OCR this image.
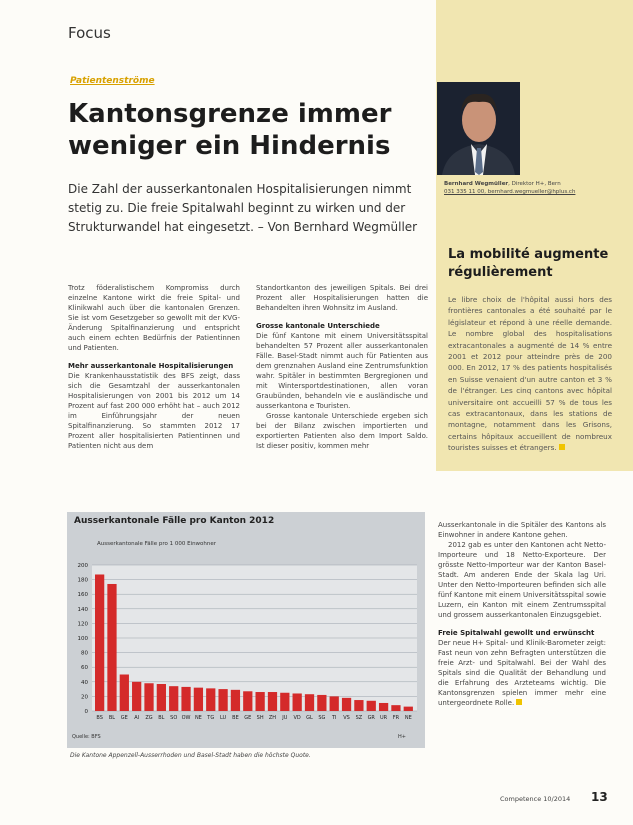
Focus
Patientenströme
Kantonsgrenze immer weniger ein Hindernis
Die Zahl der ausserkantonalen Hospitalisierungen nimmt stetig zu. Die freie Spitalwahl beginnt zu wirken und der Strukturwandel hat eingesetzt. – Von Bernhard Wegmüller
Bernhard Wegmüller, Direktor H+, Bern
031 335 11 00, bernhard.wegmueller@hplus.ch
La mobilité augmente régulièrement
Le libre choix de l'hôpital aussi hors des frontières cantonales a été souhaité par le législateur et répond à une réelle demande. Le nombre global des hospitalisations extracantonales a augmenté de 14 % entre 2001 et 2012 pour atteindre près de 200 000. En 2012, 17 % des patients hospitalisés en Suisse venaient d'un autre canton et 3 % de l'étranger. Les cinq cantons avec hôpital universitaire ont accueilli 57 % de tous les cas extracantonaux, dans les stations de montagne, notamment dans les Grisons, certains hôpitaux accueillent de nombreux touristes suisses et étrangers.

Trotz föderalistischem Kompromiss durch einzelne Kantone wirkt die freie Spital- und Klinikwahl auch über die kantonalen Grenzen. Sie ist vom Gesetzgeber so gewollt mit der KVG-Änderung Spitalfinanzierung und entspricht auch einem echten Bedürfnis der Patientinnen und Patienten.

Mehr ausserkantonale Hospitalisierungen

Die Krankenhausstatistik des BFS zeigt, dass sich die Gesamtzahl der ausserkantonalen Hospitalisierungen von 2001 bis 2012 um 14 Prozent auf fast 200 000 erhöht hat – auch 2012 im Einführungsjahr der neuen Spitalfinanzierung. So stammten 2012 17 Prozent aller hospitalisierten Patientinnen und Patienten nicht aus dem

Standortkanton des jeweiligen Spitals. Bei drei Prozent aller Hospitalisierungen hatten die Behandelten ihren Wohnsitz im Ausland.

Grosse kantonale Unterschiede

Die fünf Kantone mit einem Universitätsspital behandelten 57 Prozent aller ausserkantonalen Fälle. Basel-Stadt nimmt auch für Patienten aus dem grenznahen Ausland eine Zentrumsfunktion wahr. Spitäler in bestimmten Bergregionen und mit Wintersportdestinationen, allen voran Graubünden, behandeln vie e ausländische und ausserkantona e Touristen.

Grosse kantonale Unterschiede ergeben sich bei der Bilanz zwischen importierten und exportierten Patienten also dem Import Saldo. Ist dieser positiv, kommen mehr

Ausserkantonale in die Spitäler des Kantons als Einwohner in andere Kantone gehen.

2012 gab es unter den Kantonen acht Netto-Importeure und 18 Netto-Exporteure. Der grösste Netto-Importeur war der Kanton Basel-Stadt. Am anderen Ende der Skala lag Uri. Unter den Netto-Importeuren befinden sich alle fünf Kantone mit einem Universitätsspital sowie Luzern, ein Kanton mit einem Zentrumsspital und grossem ausserkantonalen Einzugsgebiet.

Freie Spitalwahl gewollt und erwünscht

Der neue H+ Spital- und Klinik-Barometer zeigt: Fast neun von zehn Befragten unterstützen die freie Arzt- und Spitalwahl. Bei der Wahl des Spitals sind die Qualität der Behandlung und die Erfahrung des Arzteteams wichtig. Die Kantonsgrenzen spielen immer mehr eine untergeordnete Rolle.

Ausserkantonale Fälle pro Kanton 2012
Ausserkantonale Fälle pro 1 000 Einwohner
0
20
40
60
80
100
120
140
160
180
200
BS BL GE AI ZG BL SO OW NE TG LU BE GE SH ZH JU VD GL SG TI VS SZ GR UR FR NE
Quelle: BFS	H+
Die Kantone Appenzell-Ausserrhoden und Basel-Stadt haben die höchste Quote.
Competence 10/2014 13
